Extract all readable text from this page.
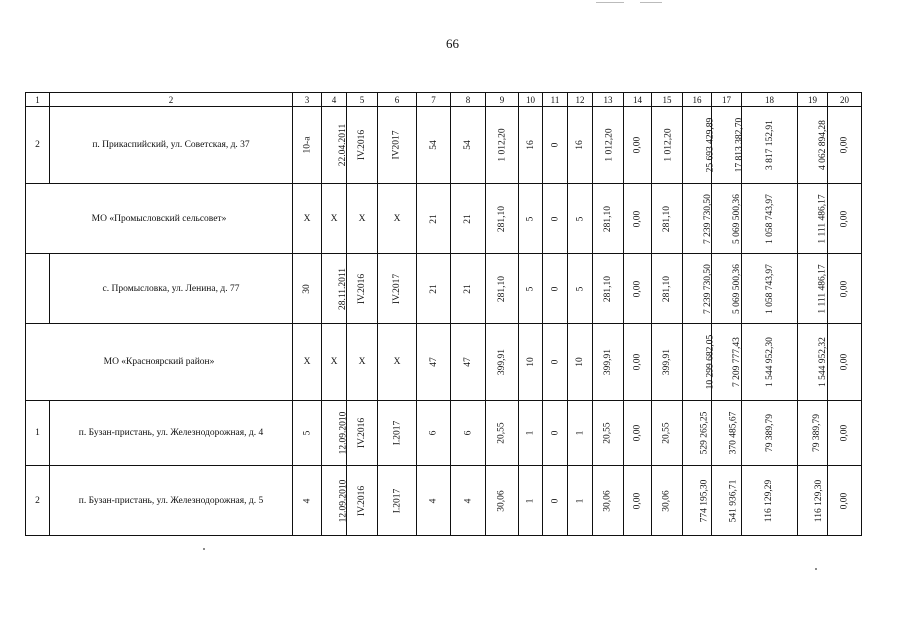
66
1	2	3	4	5	6	7	8	9	10	11	12	13	14	15	16	17	18	19	20
2	п. Прикаспийский, ул. Советская, д. 37	10-а	22.04.2011	IV.2016	IV2017	54	54	1 012,20	16	0	16	1 012,20	0,00	1 012,20	25 693 429,89	17 813 382,70	3 817 152,91	4 062 894,28	0,00
МО «Промысловский сельсовет»		Х	Х	Х	Х	21	21	281,10	5	0	5	281,10	0,00	281,10	7 239 730,50	5 069 500,36	1 058 743,97	1 111 486,17	0,00
	с. Промысловка, ул. Ленина, д. 77	30	28.11.2011	IV.2016	IV.2017	21	21	281,10	5	0	5	281,10	0,00	281,10	7 239 730,50	5 069 500,36	1 058 743,97	1 111 486,17	0,00
МО «Красноярский район»		Х	Х	Х	Х	47	47	399,91	10	0	10	399,91	0,00	399,91	10 299 682,05	7 209 777,43	1 544 952,30	1 544 952,32	0,00
1	п. Бузан-пристань, ул. Железнодорожная, д. 4	5	12.09.2010	IV.2016	I.2017	6	6	20,55	1	0	1	20,55	0,00	20,55	529 265,25	370 485,67	79 389,79	79 389,79	0,00
2	п. Бузан-пристань, ул. Железнодорожная, д. 5	4	12.09.2010	IV.2016	I.2017	4	4	30,06	1	0	1	30,06	0,00	30,06	774 195,30	541 936,71	116 129,29	116 129,30	0,00
